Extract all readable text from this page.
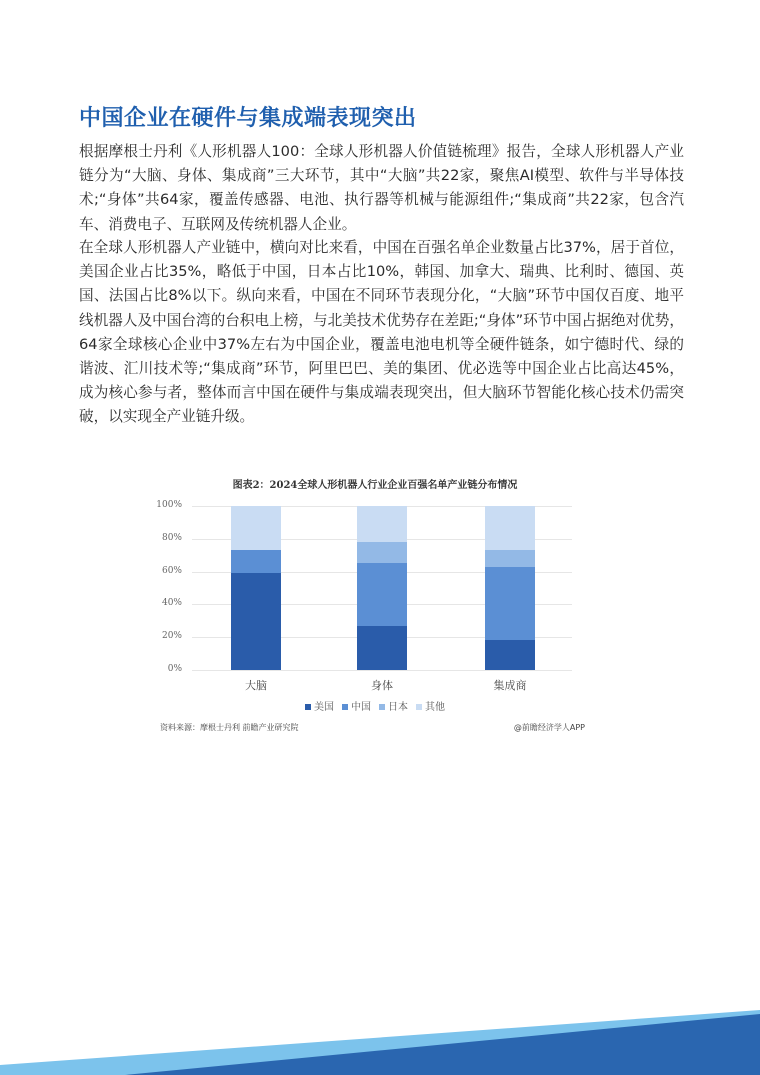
中国企业在硬件与集成端表现突出
根据摩根士丹利《人形机器人100：全球人形机器人价值链梳理》报告，全球人形机器人产业链分为“大脑、身体、集成商”三大环节，其中“大脑”共22家，聚焦AI模型、软件与半导体技术;“身体”共64家，覆盖传感器、电池、执行器等机械与能源组件;“集成商”共22家，包含汽车、消费电子、互联网及传统机器人企业。
在全球人形机器人产业链中，横向对比来看，中国在百强名单企业数量占比37%，居于首位，美国企业占比35%，略低于中国，日本占比10%，韩国、加拿大、瑞典、比利时、德国、英国、法国占比8%以下。纵向来看，中国在不同环节表现分化，“大脑”环节中国仅百度、地平线机器人及中国台湾的台积电上榜，与北美技术优势存在差距;“身体”环节中国占据绝对优势，64家全球核心企业中37%左右为中国企业，覆盖电池电机等全硬件链条，如宁德时代、绿的谐波、汇川技术等;“集成商”环节，阿里巴巴、美的集团、优必选等中国企业占比高达45%，成为核心参与者，整体而言中国在硬件与集成端表现突出，但大脑环节智能化核心技术仍需突破，以实现全产业链升级。
图表2：2024全球人形机器人行业企业百强名单产业链分布情况
100%
80%
60%
40%
20%
0%
大脑	身体	集成商
美国 中国 日本 其他
资料来源：摩根士丹利 前瞻产业研究院	@前瞻经济学人APP
